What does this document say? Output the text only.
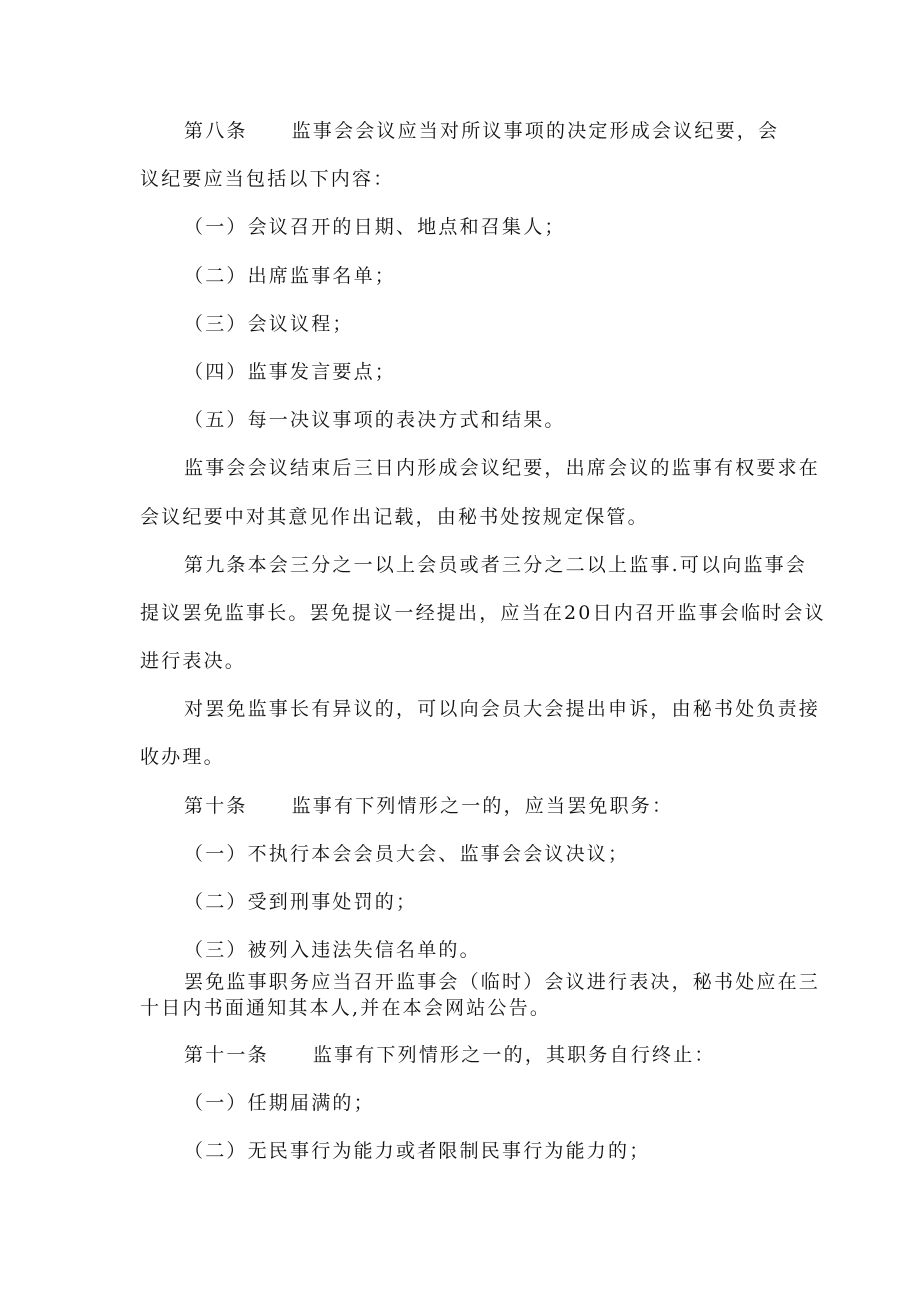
第八条 监事会会议应当对所议事项的决定形成会议纪要，会
议纪要应当包括以下内容：
（一）会议召开的日期、地点和召集人；
（二）出席监事名单；
（三）会议议程；
（四）监事发言要点；
（五）每一决议事项的表决方式和结果。
监事会会议结束后三日内形成会议纪要，出席会议的监事有权要求在
会议纪要中对其意见作出记载，由秘书处按规定保管。
第九条本会三分之一以上会员或者三分之二以上监事.可以向监事会
提议罢免监事长。罢免提议一经提出，应当在20日内召开监事会临时会议
进行表决。
对罢免监事长有异议的，可以向会员大会提出申诉，由秘书处负责接
收办理。
第十条 监事有下列情形之一的，应当罢免职务：
（一）不执行本会会员大会、监事会会议决议；
（二）受到刑事处罚的；
（三）被列入违法失信名单的。
罢免监事职务应当召开监事会（临时）会议进行表决，秘书处应在三
十日内书面通知其本人,并在本会网站公告。
第十一条 监事有下列情形之一的，其职务自行终止：
（一）任期届满的；
（二）无民事行为能力或者限制民事行为能力的；
